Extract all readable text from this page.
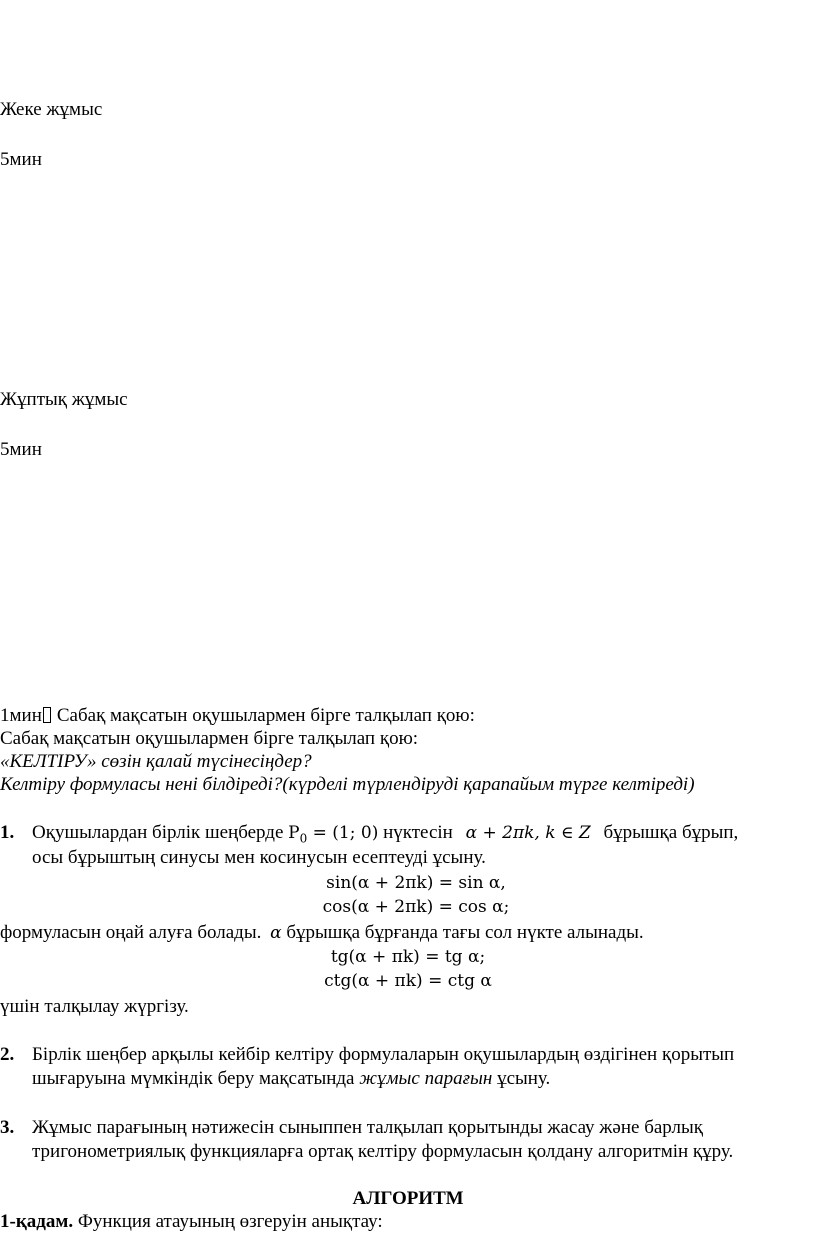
Жеке жұмыс
5мин
Жұптық жұмыс
5мин
1мин Сабақ мақсатын оқушылармен бірге талқылап қою:
Сабақ мақсатын оқушылармен бірге талқылап қою:
«КЕЛТІРУ» сөзін қалай түсінесіңдер?
Келтіру формуласы нені білдіреді?(күрделі түрлендіруді қарапайым түрге келтіреді)
1. Оқушылардан бірлік шеңберде $P_0 = (1$; 0) нүктесін α + 2πk, k ∈ Z бұрышқа бұрып,
осы бұрыштың синусы мен косинусын есептеуді ұсыну.
sin(α + 2πk) = sin α,
cos(α + 2πk) = cos α;
формуласын оңай алуға болады. α бұрышқа бұрғанда тағы сол нүкте алынады.
tg(α + πk) = tg α;
ctg(α + πk) = ctg α
үшін талқылау жүргізу.
2. Бірлік шеңбер арқылы кейбір келтіру формулаларын оқушылардың өздігінен қорытып
шығаруына мүмкіндік беру мақсатында жұмыс парағын ұсыну.
3. Жұмыс парағының нәтижесін сыныппен талқылап қорытынды жасау және барлық
тригонометриялық функцияларға ортақ келтіру формуласын қолдану алгоритмін құру.
АЛГОРИТМ
1-қадам. Функция атауының өзгеруін анықтау:
